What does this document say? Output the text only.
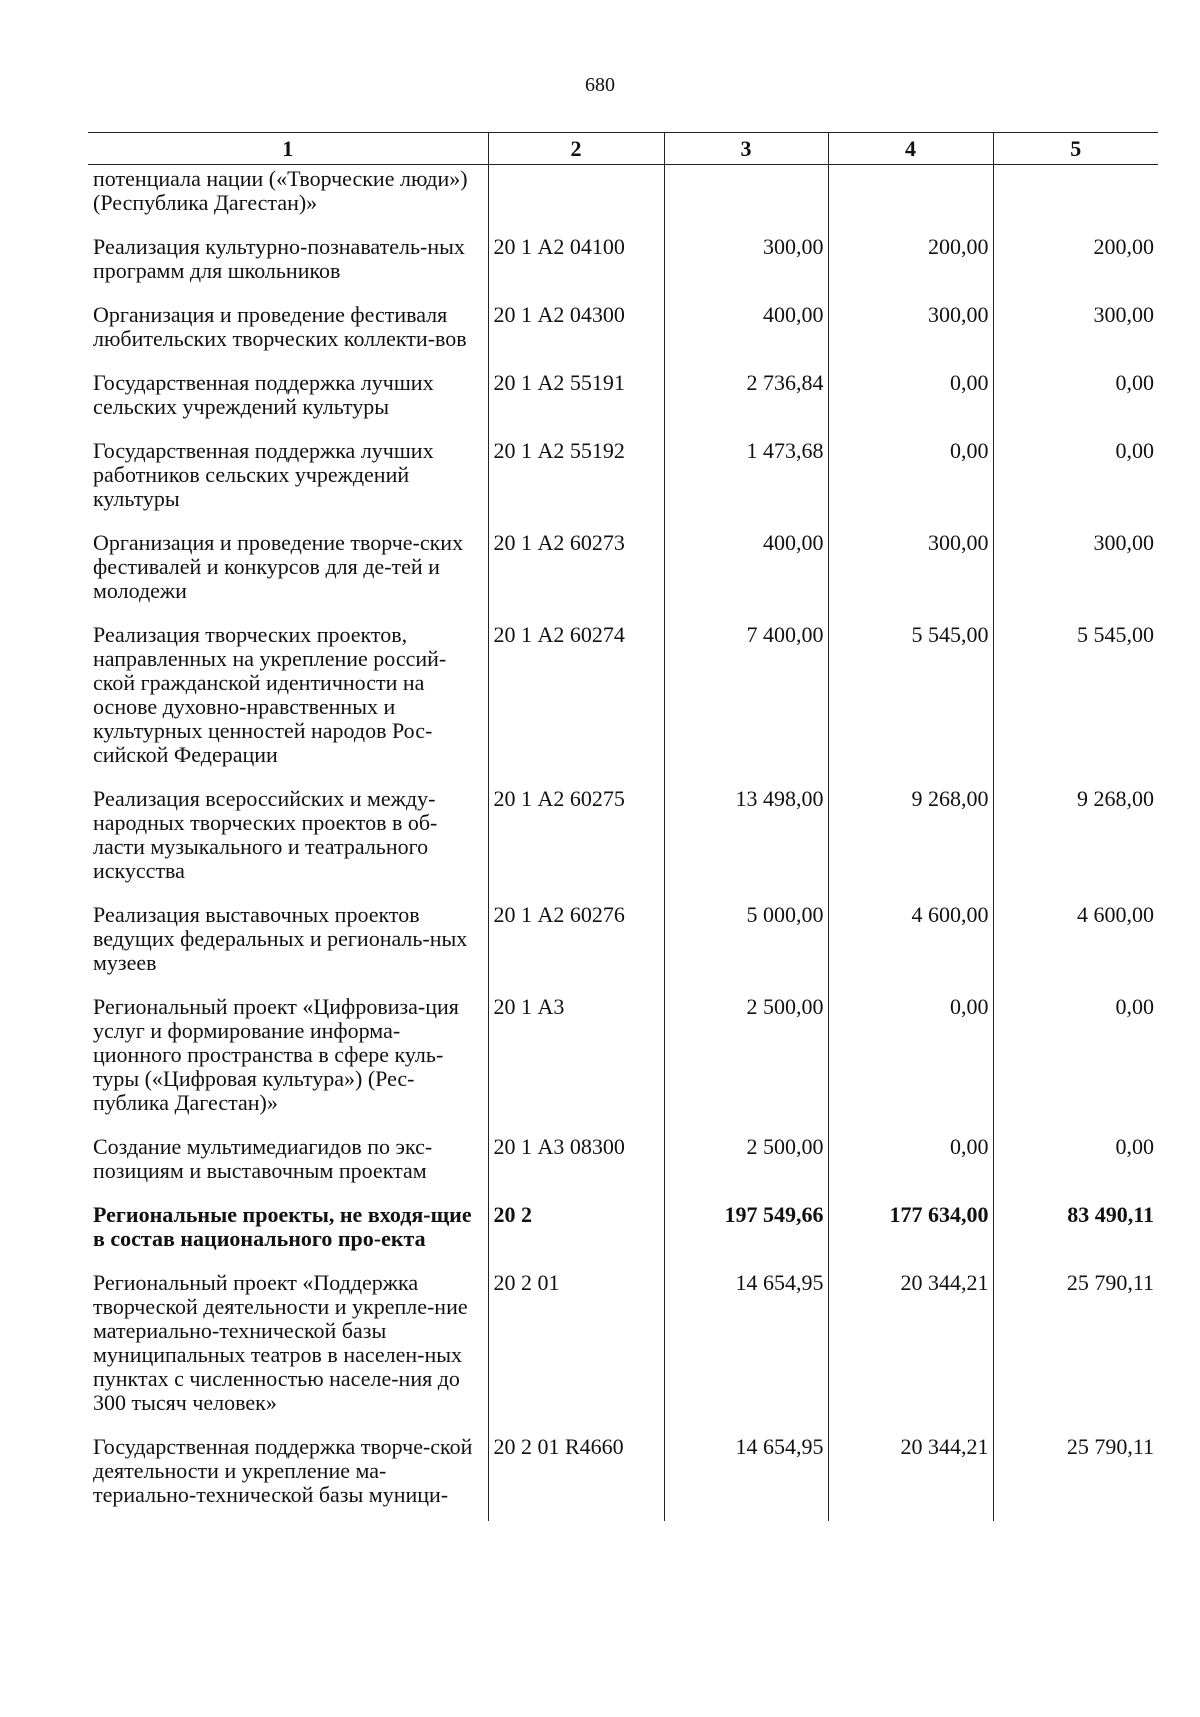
680
1	2	3	4	5
потенциала нации («Творческие люди») (Республика Дагестан)»				
Реализация культурно-познаватель-ных программ для школьников	20 1 А2 04100	300,00	200,00	200,00
Организация и проведение фестиваля любительских творческих коллекти-вов	20 1 А2 04300	400,00	300,00	300,00
Государственная поддержка лучших сельских учреждений культуры	20 1 А2 55191	2 736,84	0,00	0,00
Государственная поддержка лучших работников сельских учреждений культуры	20 1 А2 55192	1 473,68	0,00	0,00
Организация и проведение творче-ских фестивалей и конкурсов для де-тей и молодежи	20 1 А2 60273	400,00	300,00	300,00
Реализация творческих проектов, направленных на укрепление россий-ской гражданской идентичности на основе духовно-нравственных и культурных ценностей народов Рос-сийской Федерации	20 1 А2 60274	7 400,00	5 545,00	5 545,00
Реализация всероссийских и между-народных творческих проектов в об-ласти музыкального и театрального искусства	20 1 А2 60275	13 498,00	9 268,00	9 268,00
Реализация выставочных проектов ведущих федеральных и региональ-ных музеев	20 1 А2 60276	5 000,00	4 600,00	4 600,00
Региональный проект «Цифровиза-ция услуг и формирование информа-ционного пространства в сфере куль-туры («Цифровая культура») (Рес-публика Дагестан)»	20 1 А3	2 500,00	0,00	0,00
Создание мультимедиагидов по экс-позициям и выставочным проектам	20 1 А3 08300	2 500,00	0,00	0,00
Региональные проекты, не входя-щие в состав национального про-екта	20 2	197 549,66	177 634,00	83 490,11
Региональный проект «Поддержка творческой деятельности и укрепле-ние материально-технической базы муниципальных театров в населен-ных пунктах с численностью населе-ния до 300 тысяч человек»	20 2 01	14 654,95	20 344,21	25 790,11
Государственная поддержка творче-ской деятельности и укрепление ма-териально-технической базы муници-	20 2 01 R4660	14 654,95	20 344,21	25 790,11
